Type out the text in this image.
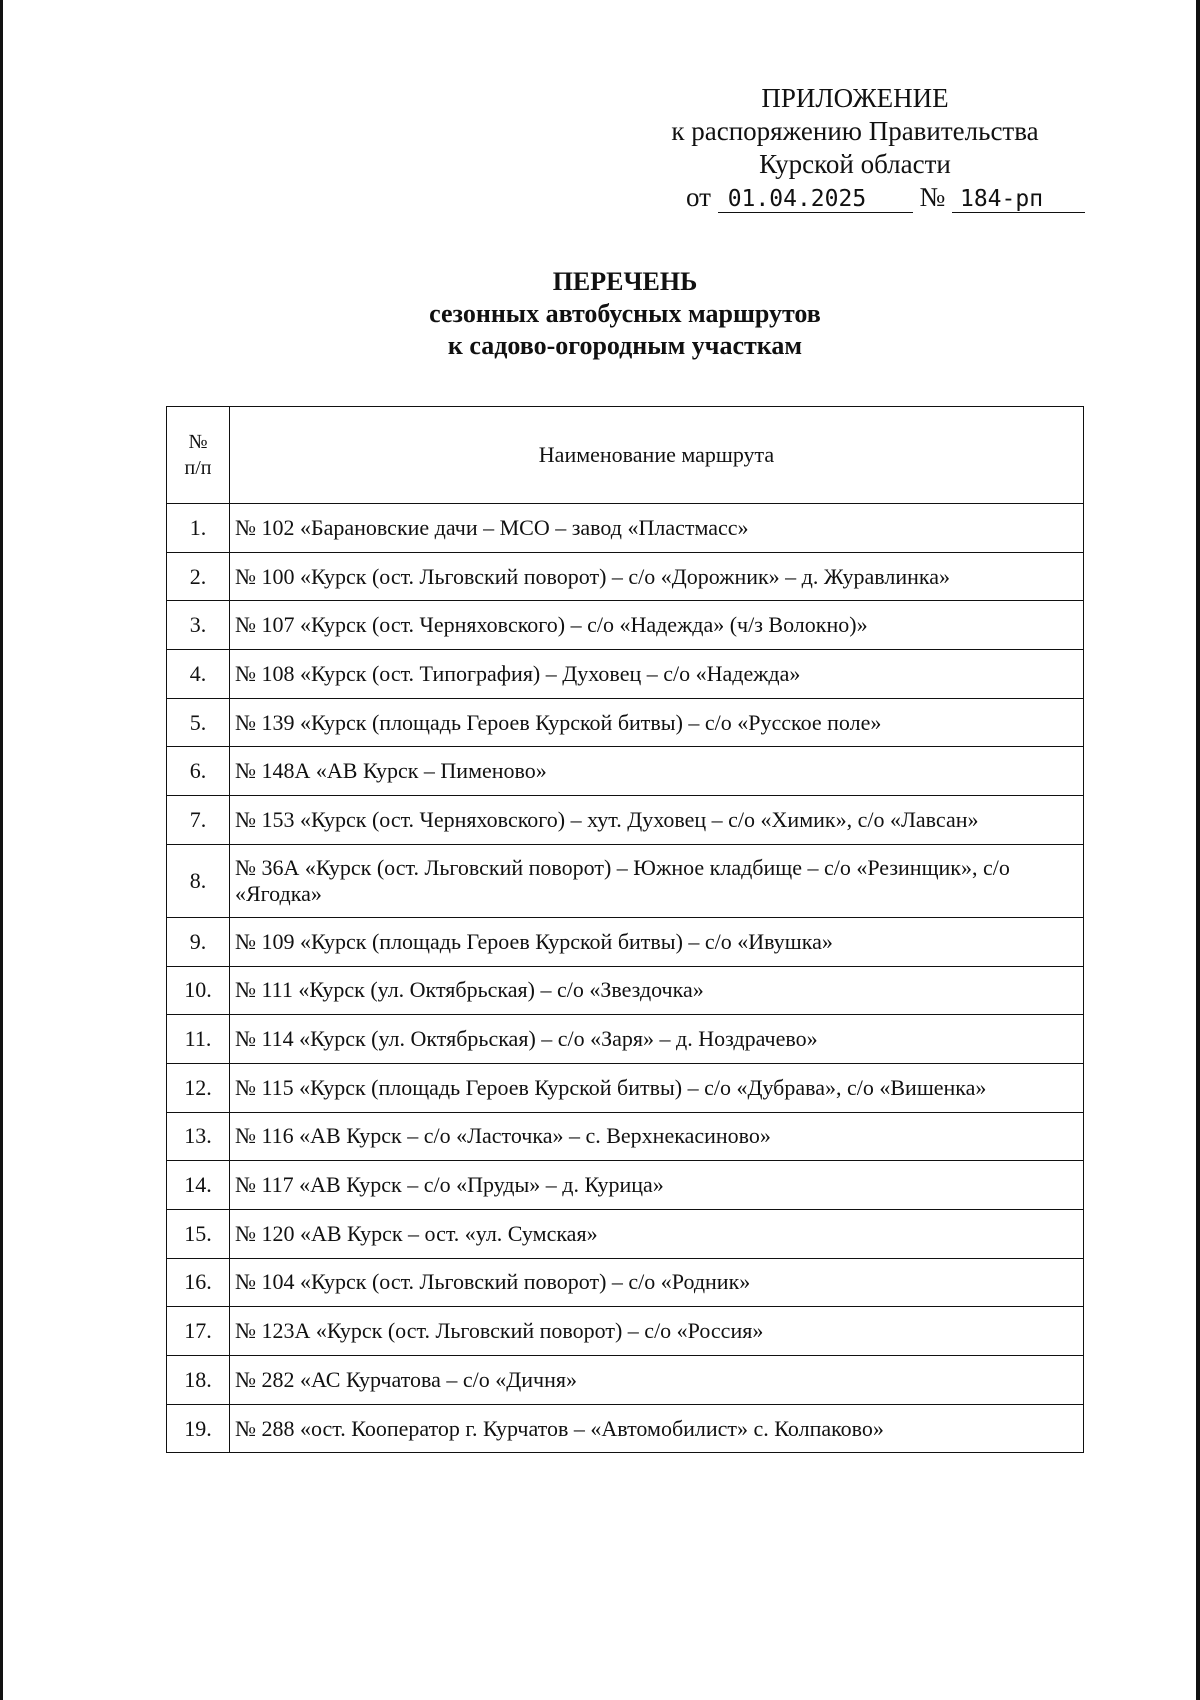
ПРИЛОЖЕНИЕ
к распоряжению Правительства
Курской области
от 01.04.2025 № 184-рп
ПЕРЕЧЕНЬ
сезонных автобусных маршрутов
к садово-огородным участкам
№
п/п	Наименование маршрута
1.	№ 102 «Барановские дачи – МСО – завод «Пластмасс»
2.	№ 100 «Курск (ост. Льговский поворот) – с/о «Дорожник» – д. Журавлинка»
3.	№ 107 «Курск (ост. Черняховского) – с/о «Надежда» (ч/з Волокно)»
4.	№ 108 «Курск (ост. Типография) – Духовец – с/о «Надежда»
5.	№ 139 «Курск (площадь Героев Курской битвы) – с/о «Русское поле»
6.	№ 148А «АВ Курск – Пименово»
7.	№ 153 «Курск (ост. Черняховского) – хут. Духовец – с/о «Химик», с/о «Лавсан»
8.	№ 36А «Курск (ост. Льговский поворот) – Южное кладбище – с/о «Резинщик», с/о «Ягодка»
9.	№ 109 «Курск (площадь Героев Курской битвы) – с/о «Ивушка»
10.	№ 111 «Курск (ул. Октябрьская) – с/о «Звездочка»
11.	№ 114 «Курск (ул. Октябрьская) – с/о «Заря» – д. Ноздрачево»
12.	№ 115 «Курск (площадь Героев Курской битвы) – с/о «Дубрава», с/о «Вишенка»
13.	№ 116 «АВ Курск – с/о «Ласточка» – с. Верхнекасиново»
14.	№ 117 «АВ Курск – с/о «Пруды» – д. Курица»
15.	№ 120 «АВ Курск – ост. «ул. Сумская»
16.	№ 104 «Курск (ост. Льговский поворот) – с/о «Родник»
17.	№ 123А «Курск (ост. Льговский поворот) – с/о «Россия»
18.	№ 282 «АС Курчатова – с/о «Дичня»
19.	№ 288 «ост. Кооператор г. Курчатов – «Автомобилист» с. Колпаково»
